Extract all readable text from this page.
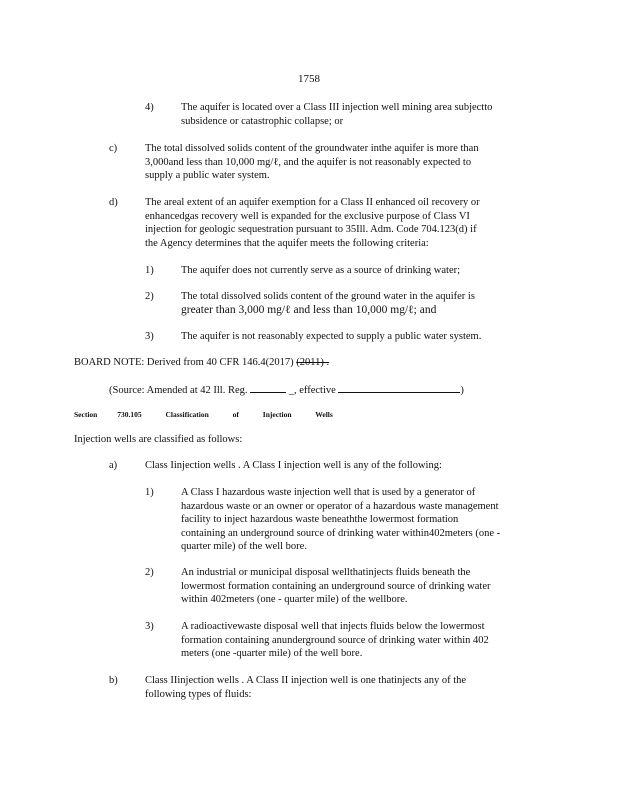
1758
4)	The aquifer is located over a Class III injection well mining area subjectto
subsidence or catastrophic collapse; or
c)	The total dissolved solids content of the groundwater inthe aquifer is more than
3,000and less than 10,000 mg/ℓ, and the aquifer is not reasonably expected to
supply a public water system.
d)	The areal extent of an aquifer exemption for a Class II enhanced oil recovery or
enhancedgas recovery well is expanded for the exclusive purpose of Class VI
injection for geologic sequestration pursuant to 35Ill. Adm. Code 704.123(d) if
the Agency determines that the aquifer meets the following criteria:
1)	The aquifer does not currently serve as a source of drinking water;
2)	The total dissolved solids content of the ground water in the aquifer is
greater than 3,000 mg/ℓ and less than 10,000 mg/ℓ; and
3)	The aquifer is not reasonably expected to supply a public water system.
BOARD NOTE: Derived from 40 CFR 146.4(2017) (2011) .
(Source: Amended at 42 Ill. Reg.	_, effective	)
Section 730.105	Classification of Injection Wells
Injection wells are classified as follows:
a)	Class Iinjection wells . A Class I injection well is any of the following:
1)	A Class I hazardous waste injection well that is used by a generator of
hazardous waste or an owner or operator of a hazardous waste management
facility to inject hazardous waste beneaththe lowermost formation
containing an underground source of drinking water within402meters (one -
quarter mile) of the well bore.
2)	An industrial or municipal disposal wellthatinjects fluids beneath the
lowermost formation containing an underground source of drinking water
within 402meters (one - quarter mile) of the wellbore.
3)	A radioactivewaste disposal well that injects fluids below the lowermost
formation containing anunderground source of drinking water within 402
meters (one -quarter mile) of the well bore.
b)	Class IIinjection wells . A Class II injection well is one thatinjects any of the
following types of fluids:
